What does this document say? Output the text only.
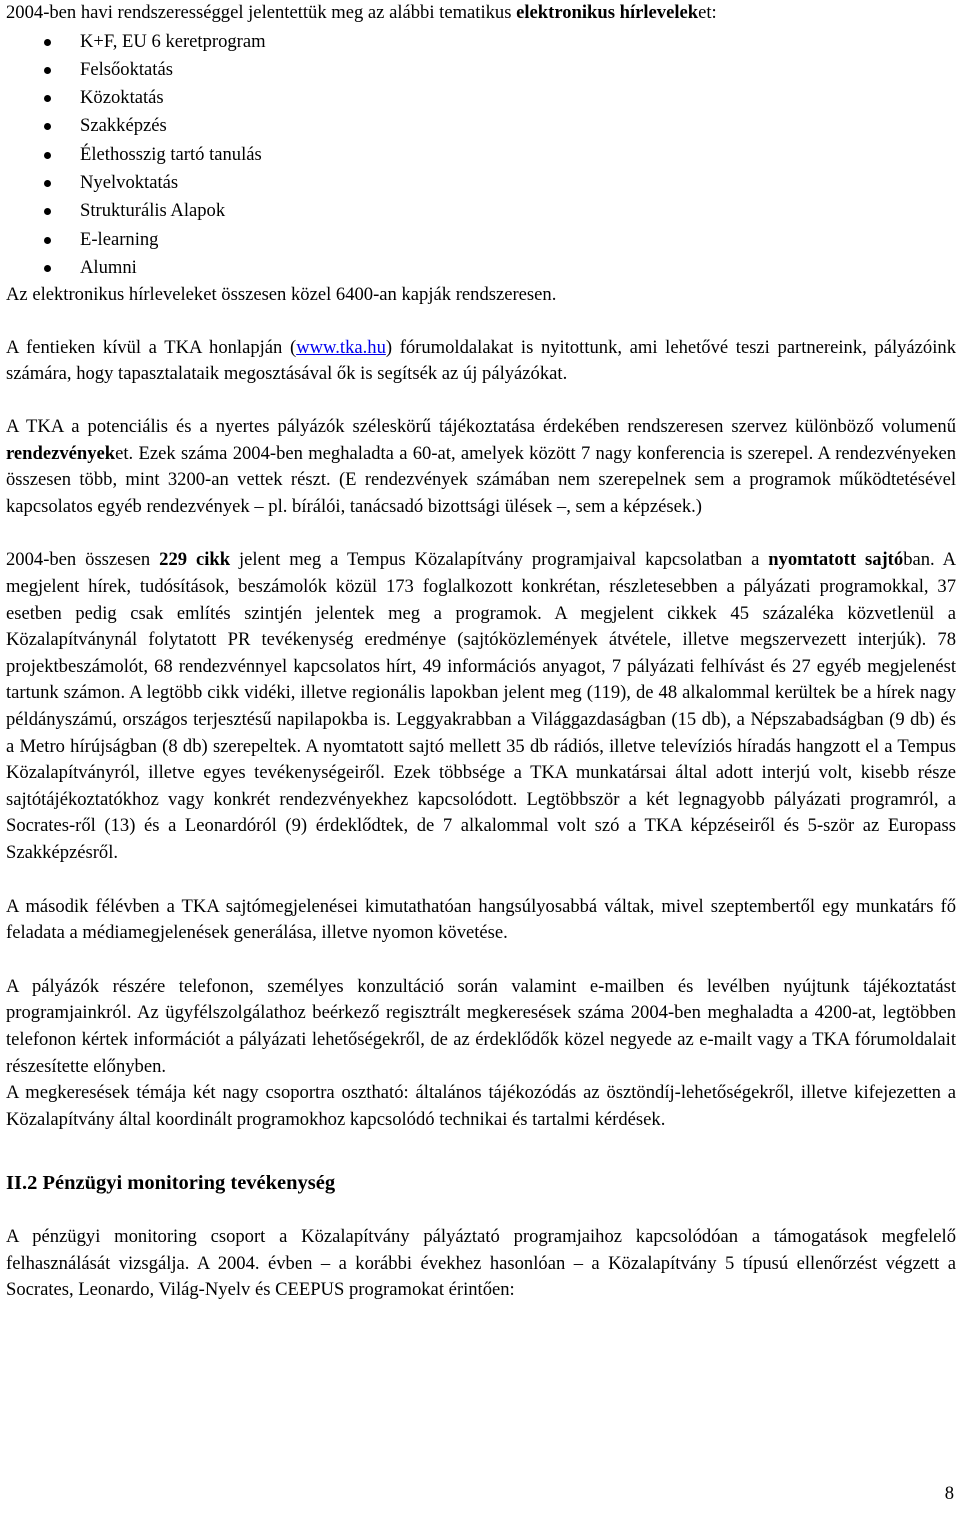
2004-ben havi rendszerességgel jelentettük meg az alábbi tematikus elektronikus hírleveleket:

K+F, EU 6 keretprogram
Felsőoktatás
Közoktatás
Szakképzés
Élethosszig tartó tanulás
Nyelvoktatás
Strukturális Alapok
E-learning
Alumni

Az elektronikus hírleveleket összesen közel 6400-an kapják rendszeresen.

A fentieken kívül a TKA honlapján (www.tka.hu) fórumoldalakat is nyitottunk, ami lehetővé teszi partnereink, pályázóink számára, hogy tapasztalataik megosztásával ők is segítsék az új pályázókat.

A TKA a potenciális és a nyertes pályázók széleskörű tájékoztatása érdekében rendszeresen szervez különböző volumenű rendezvényeket. Ezek száma 2004-ben meghaladta a 60-at, amelyek között 7 nagy konferencia is szerepel. A rendezvényeken összesen több, mint 3200-an vettek részt. (E rendezvények számában nem szerepelnek sem a programok működtetésével kapcsolatos egyéb rendezvények – pl. bírálói, tanácsadó bizottsági ülések –, sem a képzések.)

2004-ben összesen 229 cikk jelent meg a Tempus Közalapítvány programjaival kapcsolatban a nyomtatott sajtóban. A megjelent hírek, tudósítások, beszámolók közül 173 foglalkozott konkrétan, részletesebben a pályázati programokkal, 37 esetben pedig csak említés szintjén jelentek meg a programok. A megjelent cikkek 45 százaléka közvetlenül a Közalapítványnál folytatott PR tevékenység eredménye (sajtóközlemények átvétele, illetve megszervezett interjúk). 78 projektbeszámolót, 68 rendezvénnyel kapcsolatos hírt, 49 információs anyagot, 7 pályázati felhívást és 27 egyéb megjelenést tartunk számon. A legtöbb cikk vidéki, illetve regionális lapokban jelent meg (119), de 48 alkalommal kerültek be a hírek nagy példányszámú, országos terjesztésű napilapokba is. Leggyakrabban a Világgazdaságban (15 db), a Népszabadságban (9 db) és a Metro hírújságban (8 db) szerepeltek. A nyomtatott sajtó mellett 35 db rádiós, illetve televíziós híradás hangzott el a Tempus Közalapítványról, illetve egyes tevékenységeiről. Ezek többsége a TKA munkatársai által adott interjú volt, kisebb része sajtótájékoztatókhoz vagy konkrét rendezvényekhez kapcsolódott. Legtöbbször a két legnagyobb pályázati programról, a Socrates-ről (13) és a Leonardóról (9) érdeklődtek, de 7 alkalommal volt szó a TKA képzéseiről és 5-ször az Europass Szakképzésről.

A második félévben a TKA sajtómegjelenései kimutathatóan hangsúlyosabbá váltak, mivel szeptembertől egy munkatárs fő feladata a médiamegjelenések generálása, illetve nyomon követése.

A pályázók részére telefonon, személyes konzultáció során valamint e-mailben és levélben nyújtunk tájékoztatást programjainkról. Az ügyfélszolgálathoz beérkező regisztrált megkeresések száma 2004-ben meghaladta a 4200-at, legtöbben telefonon kértek információt a pályázati lehetőségekről, de az érdeklődők közel negyede az e-mailt vagy a TKA fórumoldalait részesítette előnyben.

A megkeresések témája két nagy csoportra osztható: általános tájékozódás az ösztöndíj-lehetőségekről, illetve kifejezetten a Közalapítvány által koordinált programokhoz kapcsolódó technikai és tartalmi kérdések.

II.2 Pénzügyi monitoring tevékenység

A pénzügyi monitoring csoport a Közalapítvány pályáztató programjaihoz kapcsolódóan a támogatások megfelelő felhasználását vizsgálja. A 2004. évben – a korábbi évekhez hasonlóan – a Közalapítvány 5 típusú ellenőrzést végzett a Socrates, Leonardo, Világ-Nyelv és CEEPUS programokat érintően:

8
